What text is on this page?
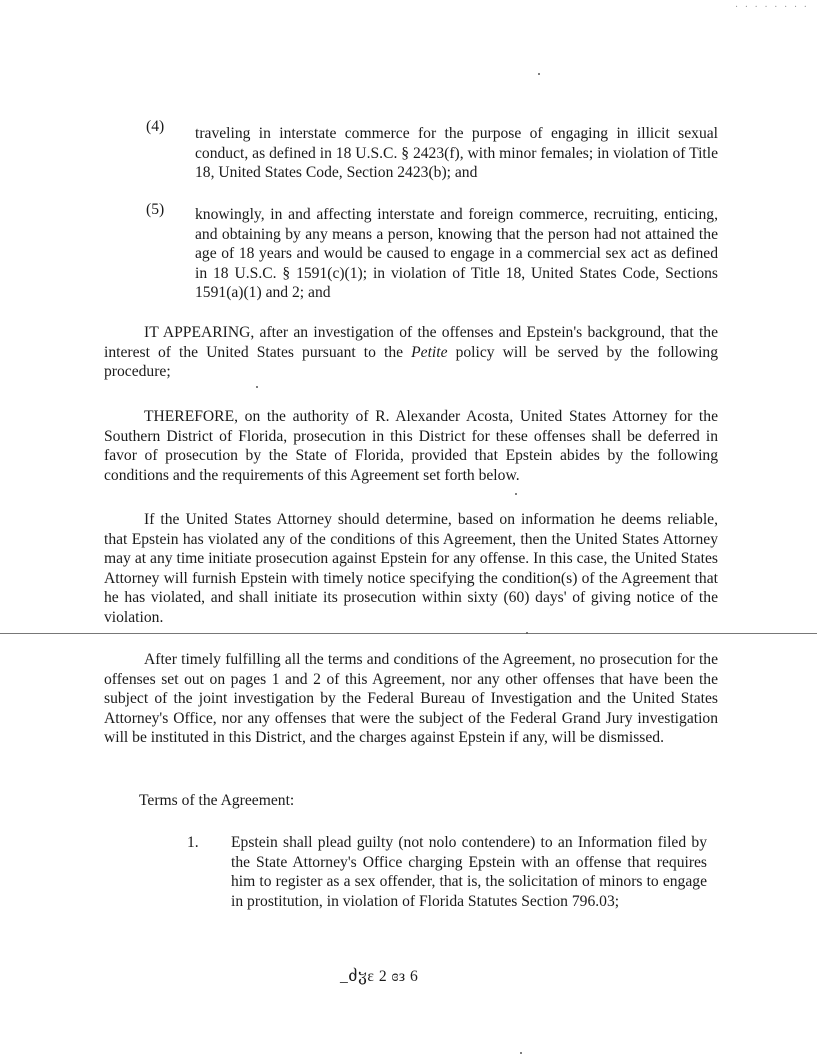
· · · · · · · ·
(4) traveling in interstate commerce for the purpose of engaging in illicit sexual conduct, as defined in 18 U.S.C. § 2423(f), with minor females; in violation of Title 18, United States Code, Section 2423(b); and
(5) knowingly, in and affecting interstate and foreign commerce, recruiting, enticing, and obtaining by any means a person, knowing that the person had not attained the age of 18 years and would be caused to engage in a commercial sex act as defined in 18 U.S.C. § 1591(c)(1); in violation of Title 18, United States Code, Sections 1591(a)(1) and 2; and
IT APPEARING, after an investigation of the offenses and Epstein's background, that the interest of the United States pursuant to the Petite policy will be served by the following procedure;
THEREFORE, on the authority of R. Alexander Acosta, United States Attorney for the Southern District of Florida, prosecution in this District for these offenses shall be deferred in favor of prosecution by the State of Florida, provided that Epstein abides by the following conditions and the requirements of this Agreement set forth below.
If the United States Attorney should determine, based on information he deems reliable, that Epstein has violated any of the conditions of this Agreement, then the United States Attorney may at any time initiate prosecution against Epstein for any offense. In this case, the United States Attorney will furnish Epstein with timely notice specifying the condition(s) of the Agreement that he has violated, and shall initiate its prosecution within sixty (60) days' of giving notice of the violation.
After timely fulfilling all the terms and conditions of the Agreement, no prosecution for the offenses set out on pages 1 and 2 of this Agreement, nor any other offenses that have been the subject of the joint investigation by the Federal Bureau of Investigation and the United States Attorney's Office, nor any offenses that were the subject of the Federal Grand Jury investigation will be instituted in this District, and the charges against Epstein if any, will be dismissed.
Terms of the Agreement:
1. Epstein shall plead guilty (not nolo contendere) to an Information filed by the State Attorney's Office charging Epstein with an offense that requires him to register as a sex offender, that is, the solicitation of minors to engage in prostitution, in violation of Florida Statutes Section 796.03;
_ძჳε 2 ɞз 6
